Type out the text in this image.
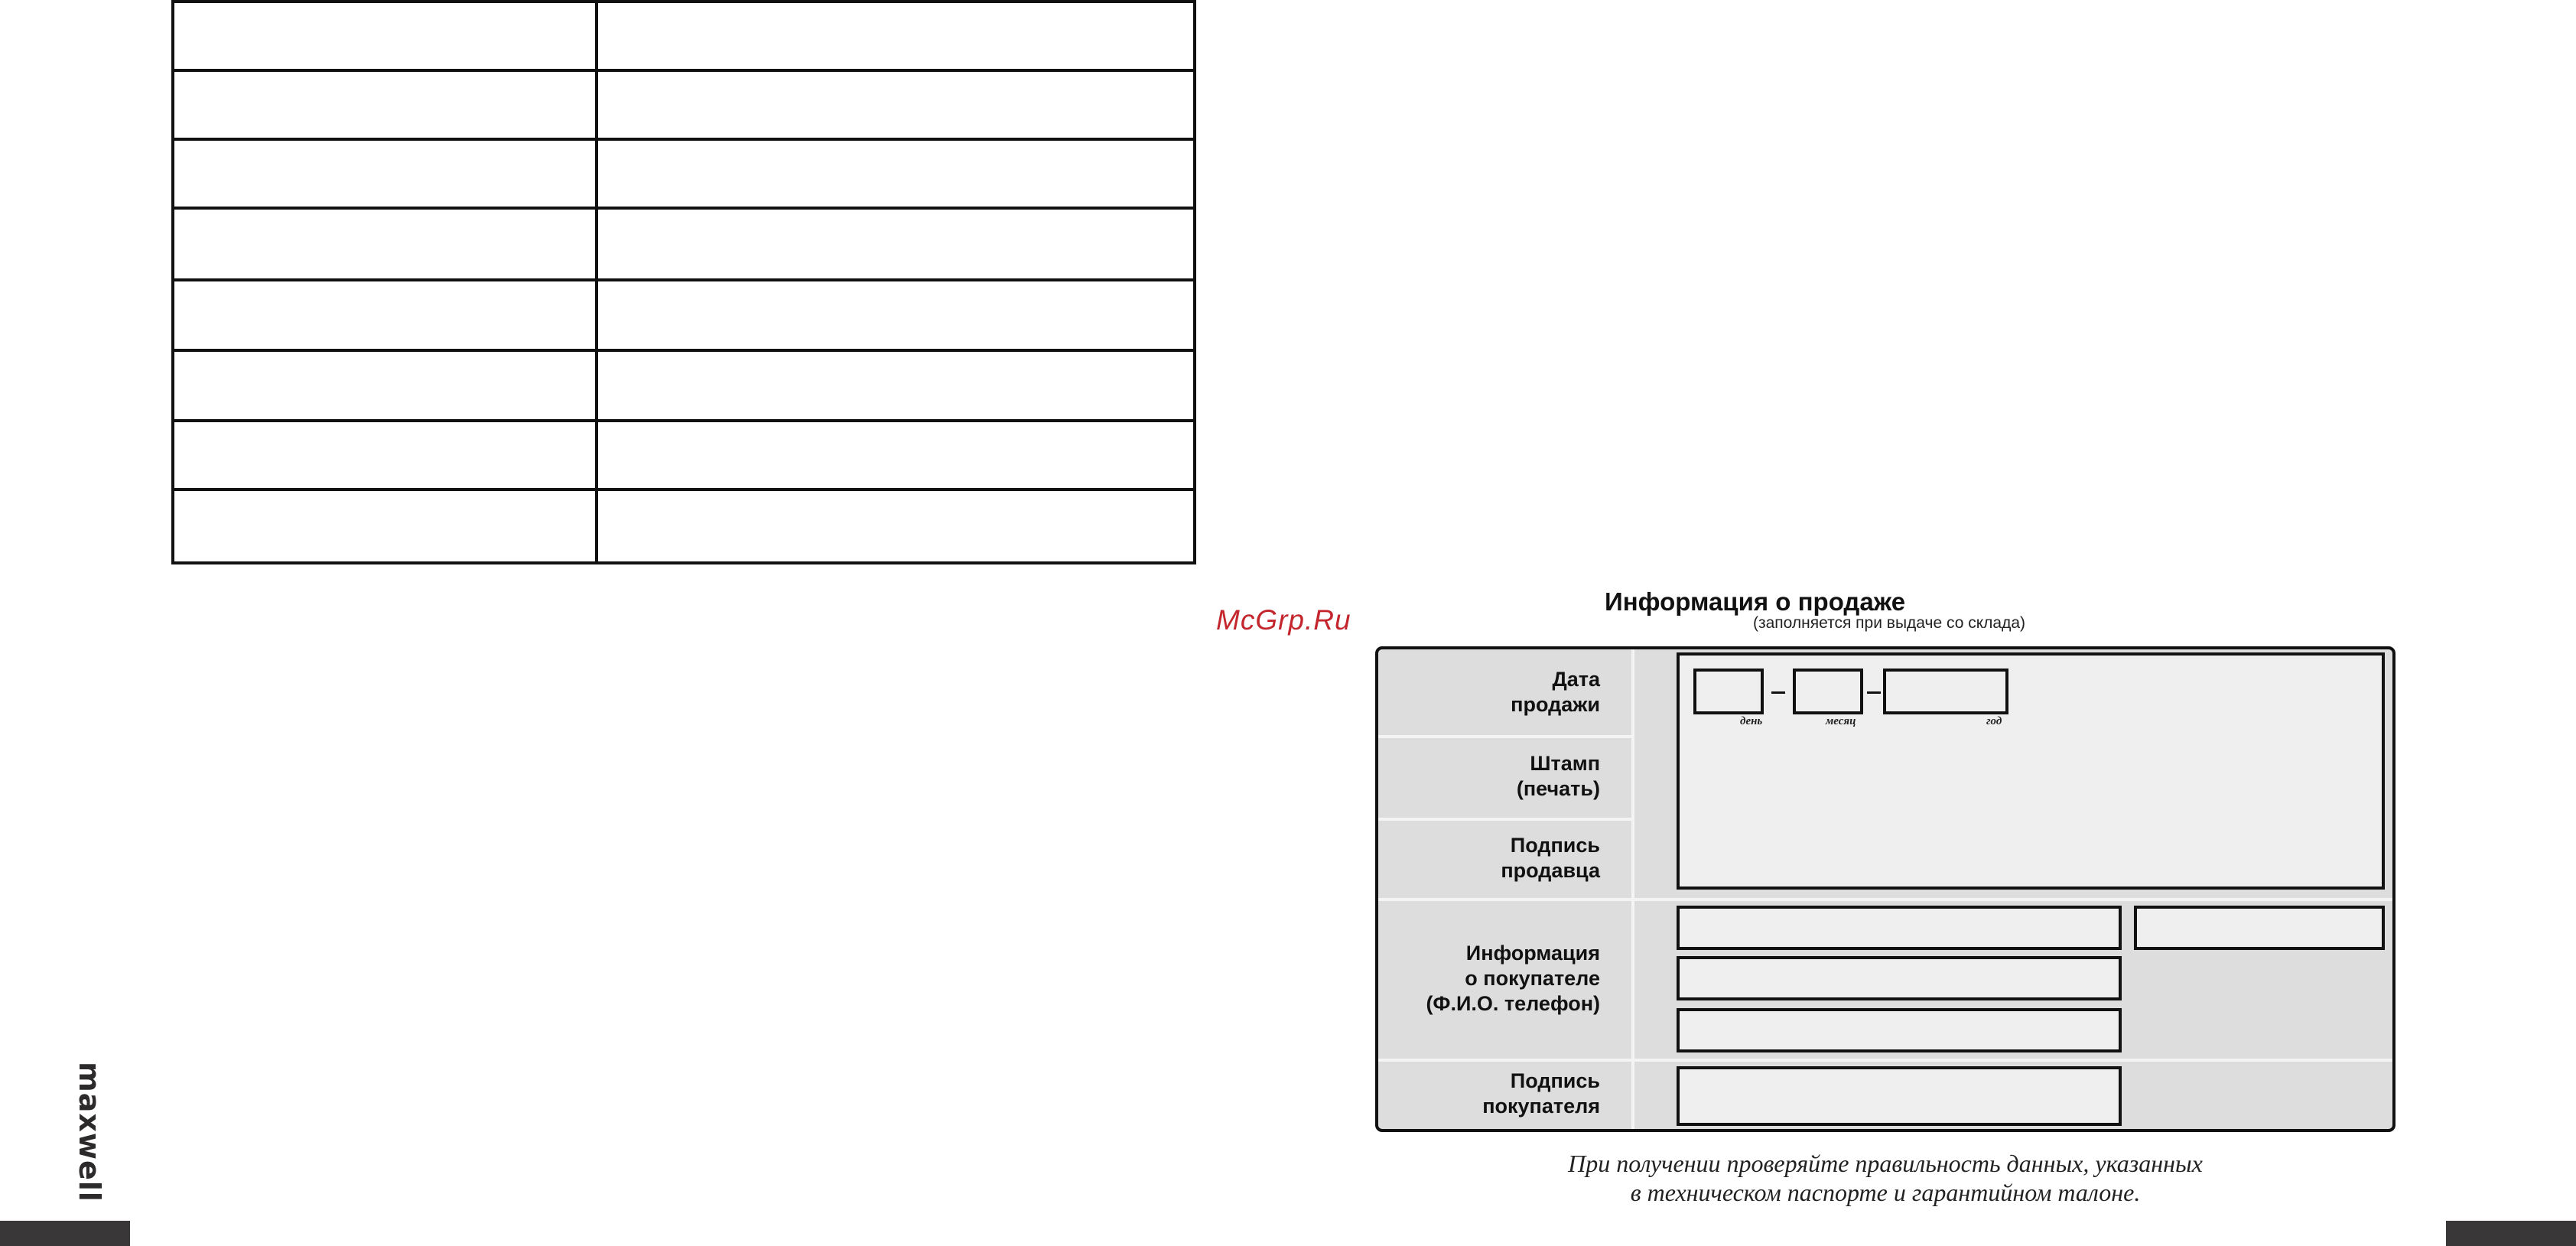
maxwell
McGrp.Ru
Информация о продаже
(заполняется при выдаче со склада)
Дата
продажи
Штамп
(печать)
Подпись
продавца
Информация
о покупателе
(Ф.И.О. телефон)
Подпись
покупателя
день	месяц	год
При получении проверяйте правильность данных, указанных
в техническом паспорте и гарантийном талоне.
